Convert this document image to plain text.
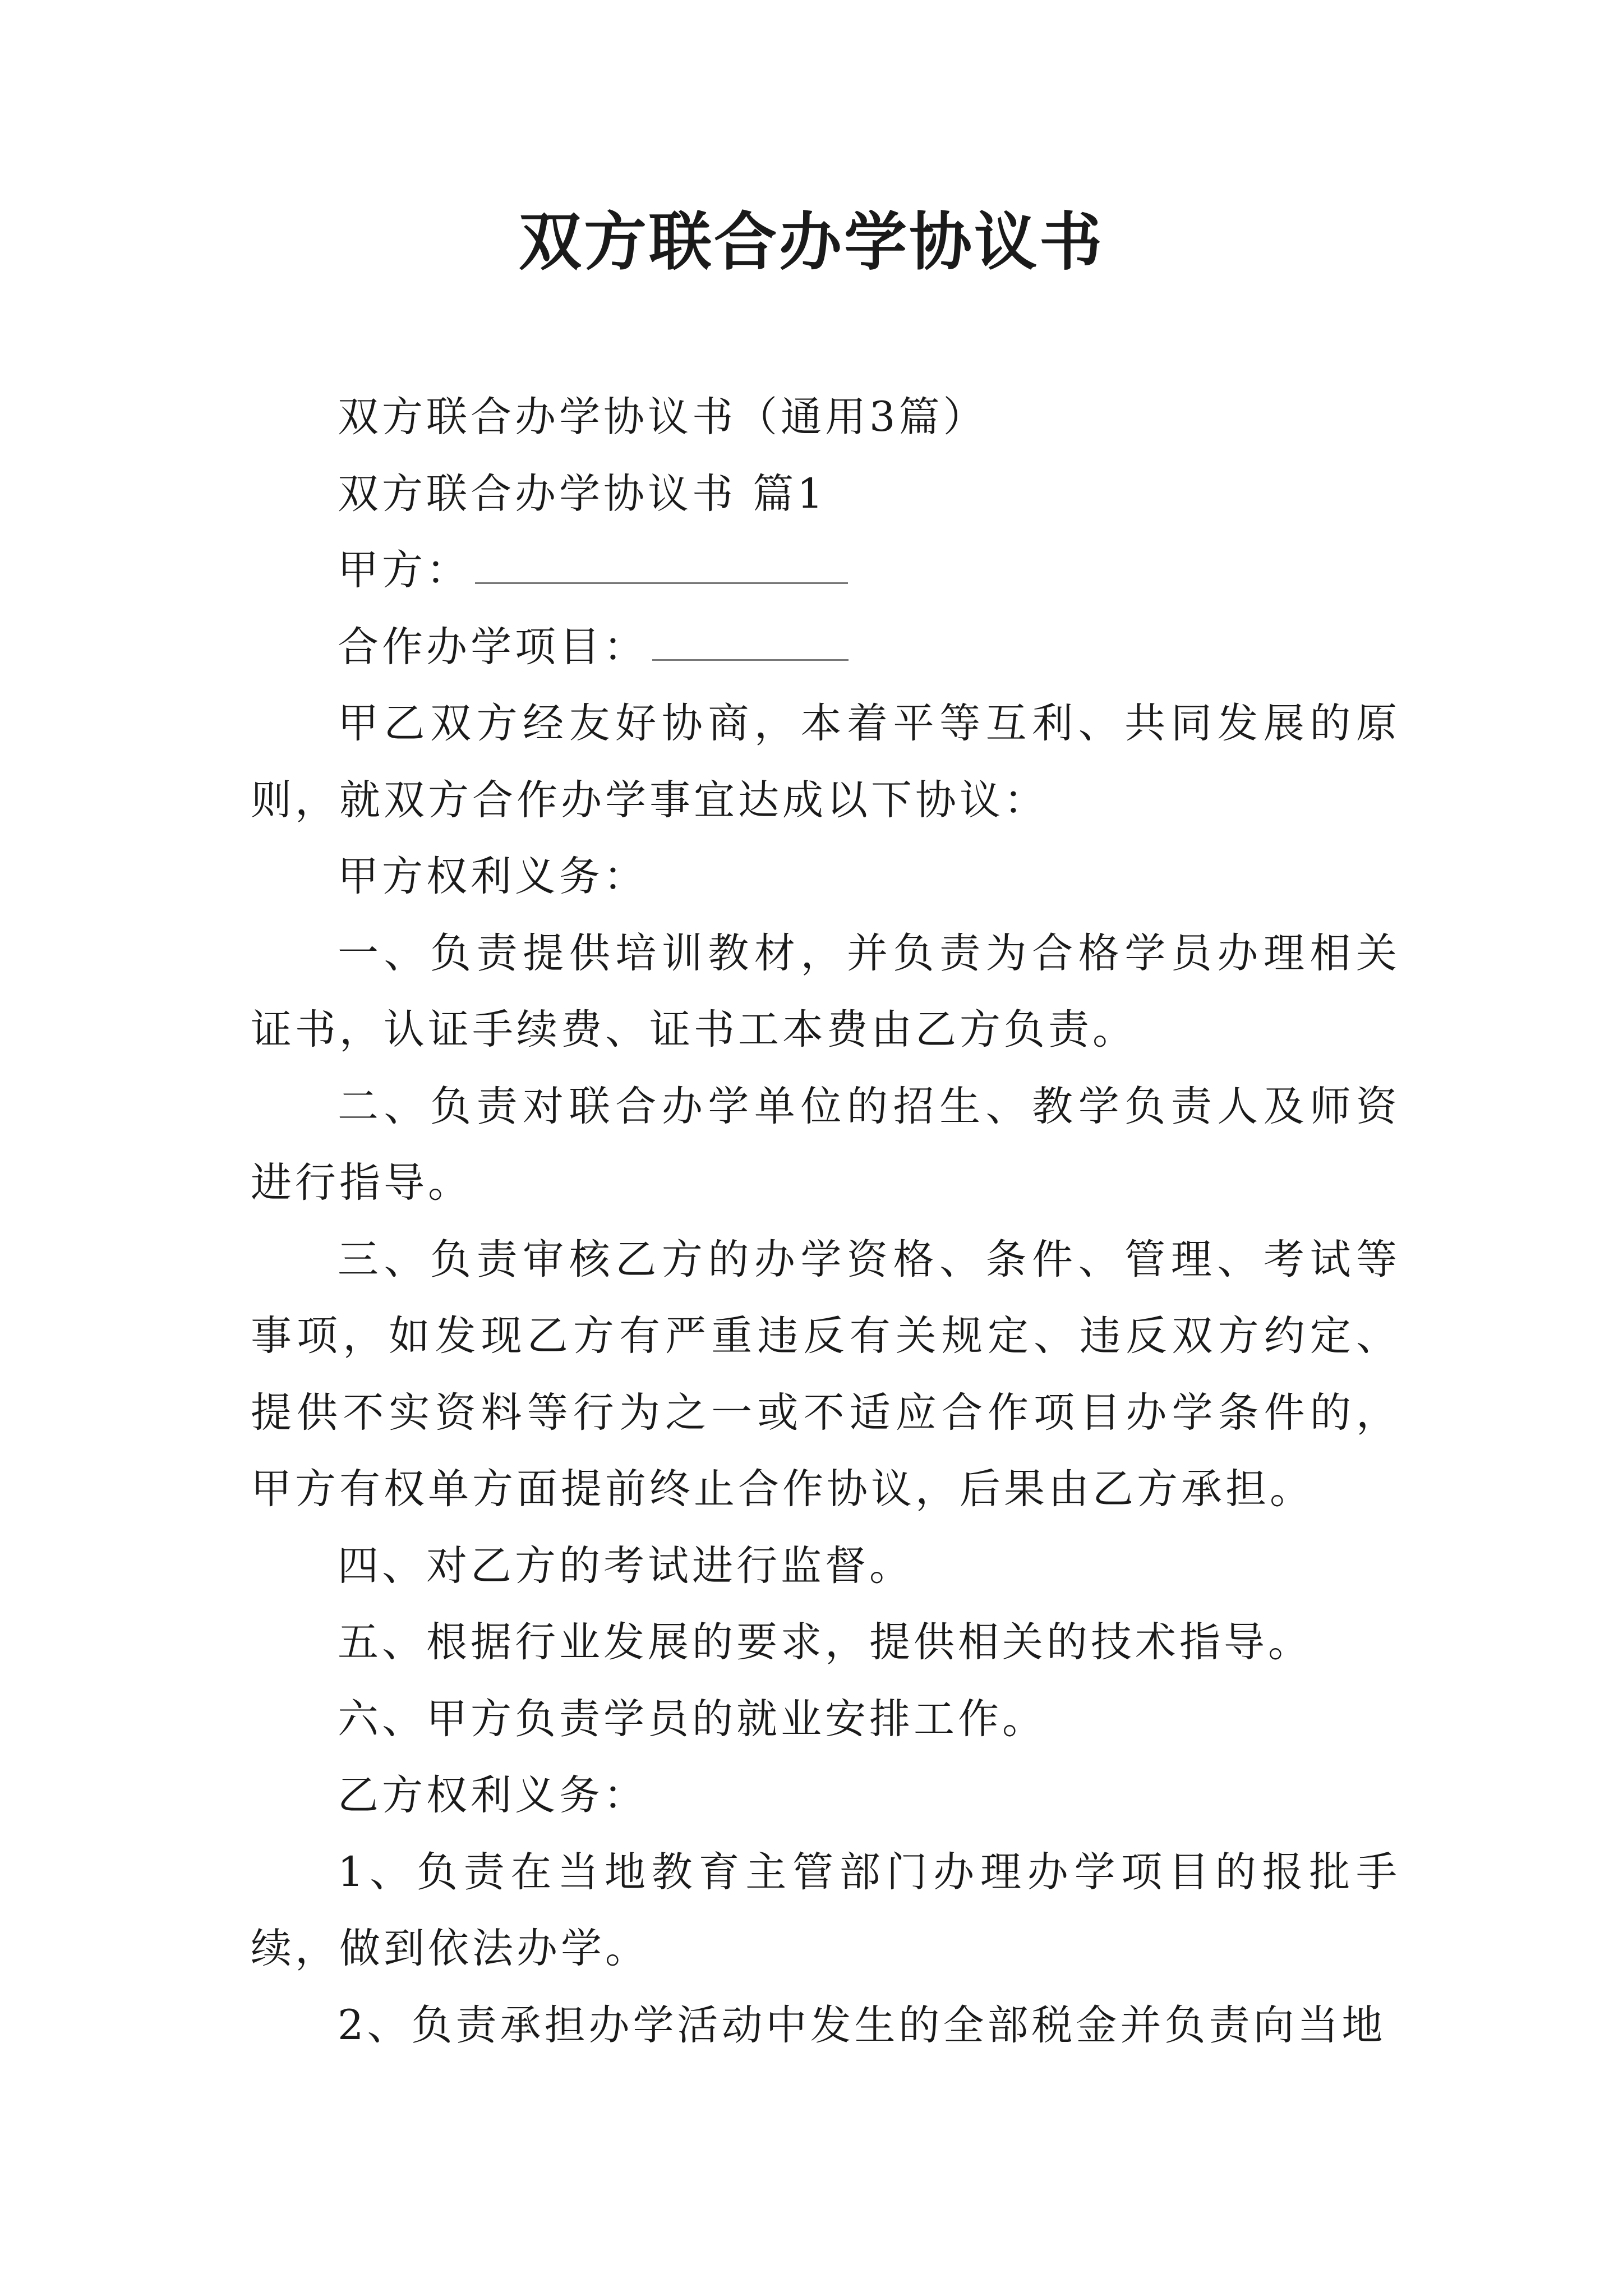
双方联合办学协议书

双方联合办学协议书（通用3篇）

双方联合办学协议书 篇1

甲方：

合作办学项目：

甲乙双方经友好协商，本着平等互利、共同发展的原则，就双方合作办学事宜达成以下协议：

甲方权利义务：

一、负责提供培训教材，并负责为合格学员办理相关证书，认证手续费、证书工本费由乙方负责。

二、负责对联合办学单位的招生、教学负责人及师资进行指导。

三、负责审核乙方的办学资格、条件、管理、考试等事项，如发现乙方有严重违反有关规定、违反双方约定、提供不实资料等行为之一或不适应合作项目办学条件的，甲方有权单方面提前终止合作协议，后果由乙方承担。

四、对乙方的考试进行监督。

五、根据行业发展的要求，提供相关的技术指导。

六、甲方负责学员的就业安排工作。

乙方权利义务：

1、负责在当地教育主管部门办理办学项目的报批手续，做到依法办学。

2、负责承担办学活动中发生的全部税金并负责向当地
